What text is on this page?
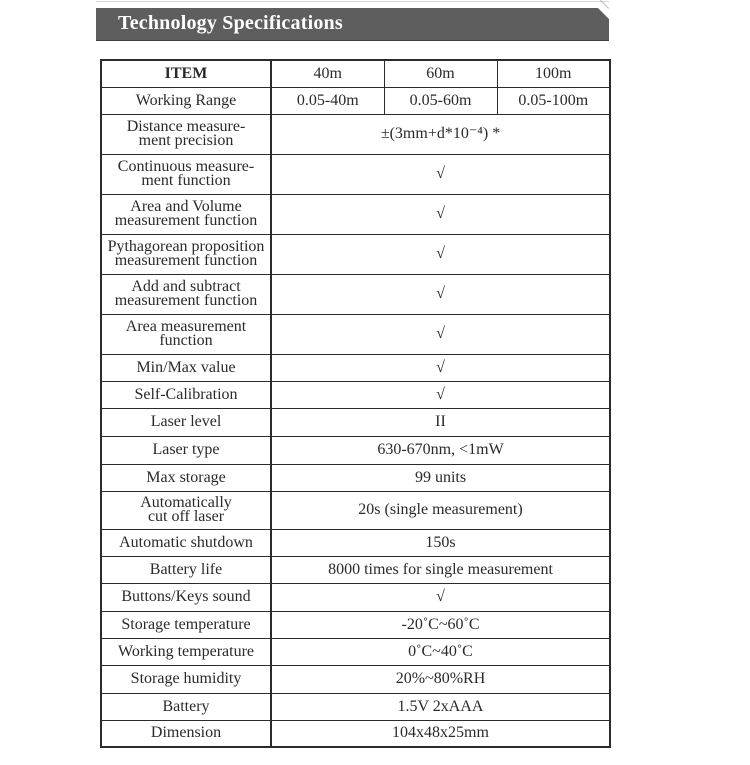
Technology Specifications
ITEM	40m	60m	100m
Working Range	0.05-40m	0.05-60m	0.05-100m
Distance measure-
ment precision	±(3mm+d*10⁻⁴) *		
Continuous measure-
ment function	√		
Area and Volume
measurement function	√		
Pythagorean proposition
measurement function	√		
Add and subtract
measurement function	√		
Area measurement
function	√		
Min/Max value	√		
Self-Calibration	√		
Laser level	II		
Laser type	630-670nm, <1mW		
Max storage	99 units		
Automatically
cut off laser	20s (single measurement)		
Automatic shutdown	150s		
Battery life	8000 times for single measurement		
Buttons/Keys sound	√		
Storage temperature	-20˚C~60˚C		
Working temperature	0˚C~40˚C		
Storage humidity	20%~80%RH		
Battery	1.5V 2xAAA		
Dimension	104x48x25mm		
